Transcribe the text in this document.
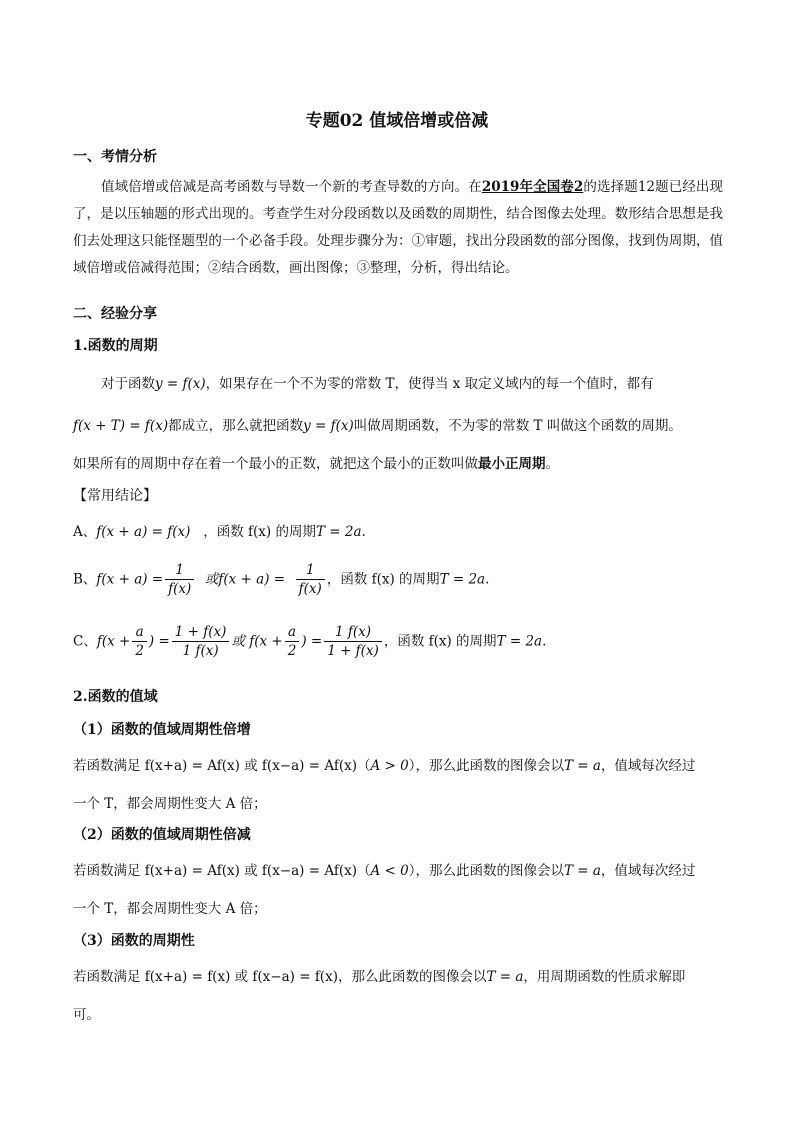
专题02 值域倍增或倍减
一、考情分析
值域倍增或倍减是高考函数与导数一个新的考查导数的方向。在2019年全国卷2的选择题12题已经出现了，是以压轴题的形式出现的。考查学生对分段函数以及函数的周期性，结合图像去处理。数形结合思想是我们去处理这只能怪题型的一个必备手段。处理步骤分为：①审题，找出分段函数的部分图像，找到伪周期，值域倍增或倍减得范围；②结合函数，画出图像；③整理，分析，得出结论。
二、经验分享
1.函数的周期
对于函数y = f(x)，如果存在一个不为零的常数 T，使得当 x 取定义域内的每一个值时，都有
f(x + T) = f(x)都成立，那么就把函数y = f(x)叫做周期函数，不为零的常数 T 叫做这个函数的周期。
如果所有的周期中存在着一个最小的正数，就把这个最小的正数叫做最小正周期。
【常用结论】
A、f(x + a) = f(x) ，函数 f(x) 的周期T = 2a.
B、$f(x + a) = \frac{1}{f(x)}$ 或$f(x + a) = \frac{1}{f(x)}$ ，函数 f(x) 的周期T = 2a.
C、$f(x + \frac{a}{2}$ ) = $\frac{1 + f(x)}{1 f(x)}$ 或 $f(x + \frac{a}{2}$ ) = $\frac{1 f(x)}{1 + f(x)}$ ，函数 f(x) 的周期T = 2a.
2.函数的值域
（1）函数的值域周期性倍增
若函数满足 f(x+a) = Af(x) 或 f(x−a) = Af(x)（A > 0），那么此函数的图像会以T = a，值域每次经过
一个 T，都会周期性变大 A 倍；
（2）函数的值域周期性倍减
若函数满足 f(x+a) = Af(x) 或 f(x−a) = Af(x)（A < 0），那么此函数的图像会以T = a，值域每次经过
一个 T，都会周期性变大 A 倍；
（3）函数的周期性
若函数满足 f(x+a) = f(x) 或 f(x−a) = f(x)，那么此函数的图像会以T = a，用周期函数的性质求解即
可。
